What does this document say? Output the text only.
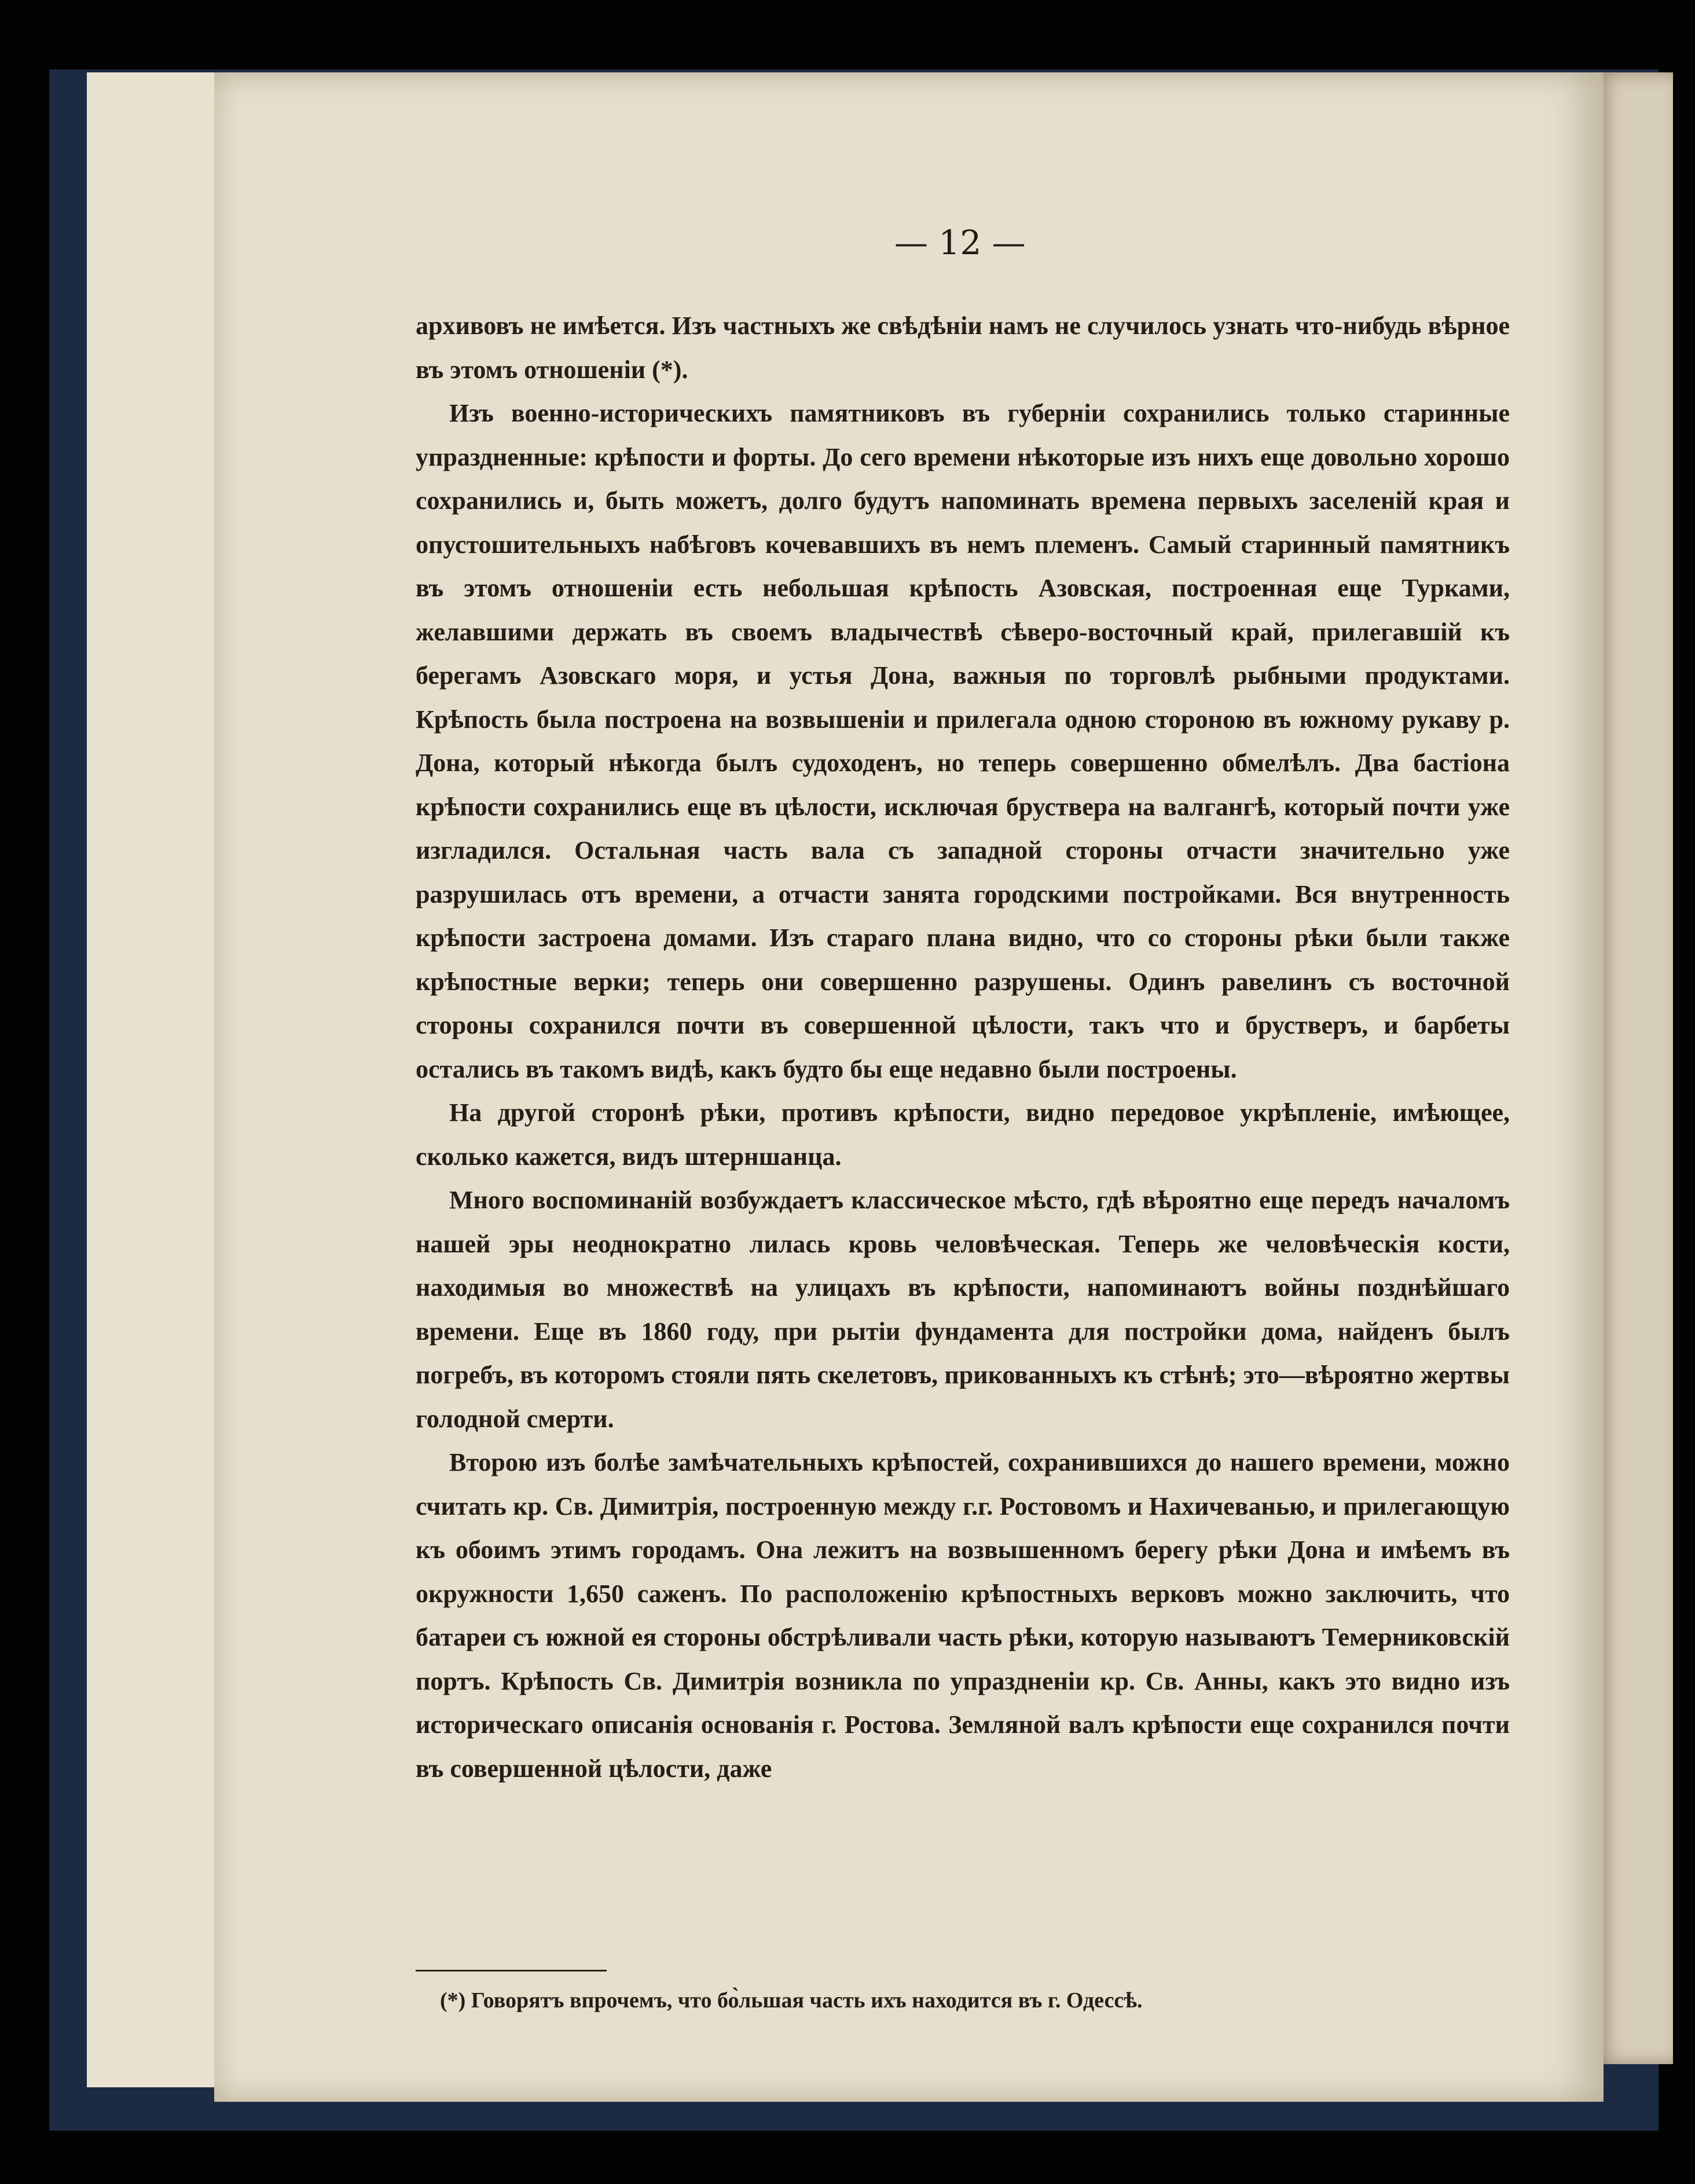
— 12 —

архивовъ не имѣется. Изъ частныхъ же свѣдѣніи намъ не случилось узнать что-нибудь вѣрное въ этомъ отношеніи (*).

Изъ военно-историческихъ памятниковъ въ губерніи сохранились только старинные упраздненные: крѣпости и форты. До сего времени нѣкоторые изъ нихъ еще довольно хорошо сохранились и, быть можетъ, долго будутъ напоминать времена первыхъ заселеній края и опустошительныхъ набѣговъ кочевавшихъ въ немъ племенъ. Самый старинный памятникъ въ этомъ отношеніи есть небольшая крѣпость Азовская, построенная еще Турками, желавшими держать въ своемъ владычествѣ сѣверо-восточный край, прилегавшій къ берегамъ Азовскаго моря, и устья Дона, важныя по торговлѣ рыбными продуктами. Крѣпость была построена на возвышеніи и прилегала одною стороною въ южному рукаву р. Дона, который нѣкогда былъ судоходенъ, но теперь совершенно обмелѣлъ. Два бастіона крѣпости сохранились еще въ цѣлости, исключая бруствера на валгангѣ, который почти уже изгладился. Остальная часть вала съ западной стороны отчасти значительно уже разрушилась отъ времени, а отчасти занята городскими постройками. Вся внутренность крѣпости застроена домами. Изъ стараго плана видно, что со стороны рѣки были также крѣпостные верки; теперь они совершенно разрушены. Одинъ равелинъ съ восточной стороны сохранился почти въ совершенной цѣлости, такъ что и брустверъ, и барбеты остались въ такомъ видѣ, какъ будто бы еще недавно были построены.

На другой сторонѣ рѣки, противъ крѣпости, видно передовое укрѣпленіе, имѣющее, сколько кажется, видъ штерншанца.

Много воспоминаній возбуждаетъ классическое мѣсто, гдѣ вѣроятно еще передъ началомъ нашей эры неоднократно лилась кровь человѣческая. Теперь же человѣческія кости, находимыя во множествѣ на улицахъ въ крѣпости, напоминаютъ войны позднѣйшаго времени. Еще въ 1860 году, при рытіи фундамента для постройки дома, найденъ былъ погребъ, въ которомъ стояли пять скелетовъ, прикованныхъ къ стѣнѣ; это—вѣроятно жертвы голодной смерти.

Второю изъ болѣе замѣчательныхъ крѣпостей, сохранившихся до нашего времени, можно считать кр. Св. Димитрія, построенную между г.г. Ростовомъ и Нахичеванью, и прилегающую къ обоимъ этимъ городамъ. Она лежитъ на возвышенномъ берегу рѣки Дона и имѣемъ въ окружности 1,650 саженъ. По расположенію крѣпостныхъ верковъ можно заключить, что батареи съ южной ея стороны обстрѣливали часть рѣки, которую называютъ Темерниковскій портъ. Крѣпость Св. Димитрія возникла по упраздненіи кр. Св. Анны, какъ это видно изъ историческаго описанія основанія г. Ростова. Земляной валъ крѣпости еще сохранился почти въ совершенной цѣлости, даже

(*) Говорятъ впрочемъ, что бо̀льшая часть ихъ находится въ г. Одессѣ.
